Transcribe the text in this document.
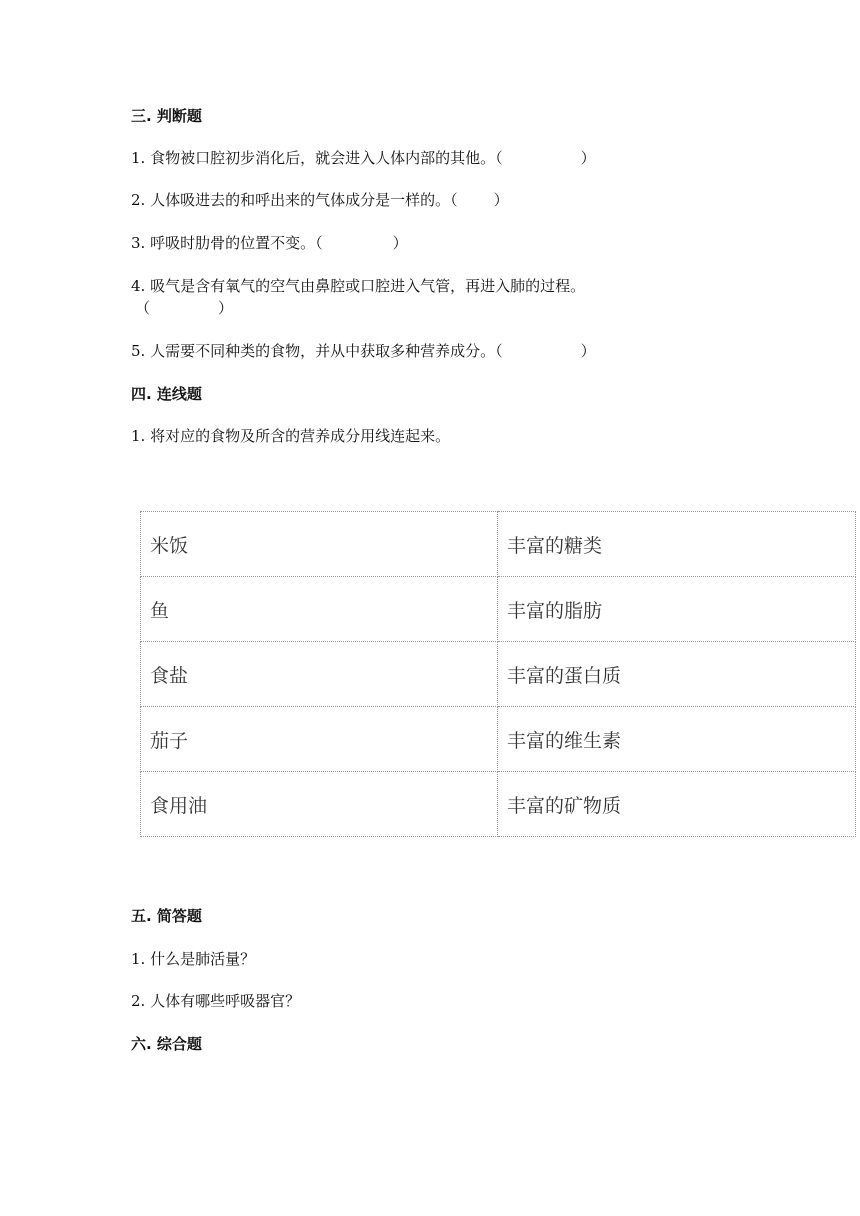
三. 判断题
1. 食物被口腔初步消化后，就会进入人体内部的其他。（	）
2. 人体吸进去的和呼出来的气体成分是一样的。（ ）
3. 呼吸时肋骨的位置不变。（	）
4. 吸气是含有氧气的空气由鼻腔或口腔进入气管，再进入肺的过程。
（	）
5. 人需要不同种类的食物，并从中获取多种营养成分。（	）
四. 连线题
1. 将对应的食物及所含的营养成分用线连起来。
米饭	丰富的糖类
鱼	丰富的脂肪
食盐	丰富的蛋白质
茄子	丰富的维生素
食用油	丰富的矿物质
五. 简答题
1. 什么是肺活量？
2. 人体有哪些呼吸器官？
六. 综合题
